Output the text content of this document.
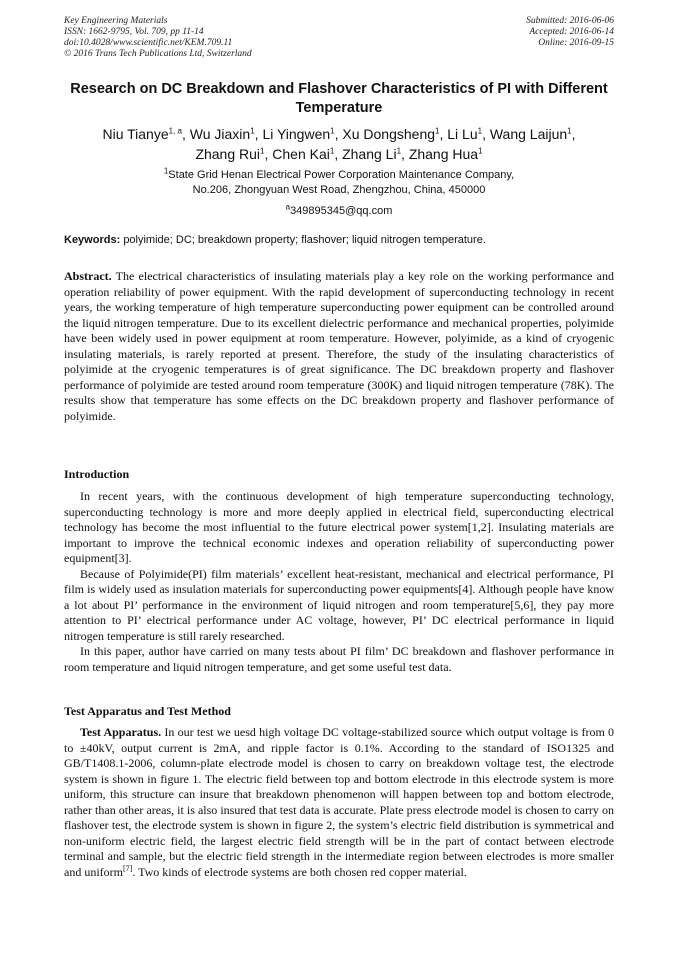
Key Engineering Materials
ISSN: 1662-9795, Vol. 709, pp 11-14
doi:10.4028/www.scientific.net/KEM.709.11
© 2016 Trans Tech Publications Ltd, Switzerland
Submitted: 2016-06-06
Accepted: 2016-06-14
Online: 2016-09-15
Research on DC Breakdown and Flashover Characteristics of PI with Different Temperature
Niu Tianye$^{1, a}$, Wu Jiaxin$^1$, Li Yingwen$^1$, Xu Dongsheng$^1$, Li Lu$^1$, Wang Laijun$^1$,
Zhang Rui$^1$, Chen Kai$^1$, Zhang Li$^1$, Zhang Hua$^1$
$^1$State Grid Henan Electrical Power Corporation Maintenance Company,
No.206, Zhongyuan West Road, Zhengzhou, China, 450000
$^a$349895345@qq.com
Keywords: polyimide; DC; breakdown property; flashover; liquid nitrogen temperature.

Abstract. The electrical characteristics of insulating materials play a key role on the working performance and operation reliability of power equipment. With the rapid development of superconducting technology in recent years, the working temperature of high temperature superconducting power equipment can be controlled around the liquid nitrogen temperature. Due to its excellent dielectric performance and mechanical properties, polyimide have been widely used in power equipment at room temperature. However, polyimide, as a kind of cryogenic insulating materials, is rarely reported at present. Therefore, the study of the insulating characteristics of polyimide at the cryogenic temperatures is of great significance. The DC breakdown property and flashover performance of polyimide are tested around room temperature (300K) and liquid nitrogen temperature (78K). The results show that temperature has some effects on the DC breakdown property and flashover performance of polyimide.

Introduction

In recent years, with the continuous development of high temperature superconducting technology, superconducting technology is more and more deeply applied in electrical field, superconducting electrical technology has become the most influential to the future electrical power system[1,2]. Insulating materials are important to improve the technical economic indexes and operation reliability of superconducting power equipment[3].

Because of Polyimide(PI) film materials’ excellent heat-resistant, mechanical and electrical performance, PI film is widely used as insulation materials for superconducting power equipments[4]. Although people have know a lot about PI’ performance in the environment of liquid nitrogen and room temperature[5,6], they pay more attention to PI’ electrical performance under AC voltage, however, PI’ DC electrical performance in liquid nitrogen temperature is still rarely researched.

In this paper, author have carried on many tests about PI film’ DC breakdown and flashover performance in room temperature and liquid nitrogen temperature, and get some useful test data.

Test Apparatus and Test Method

Test Apparatus. In our test we uesd high voltage DC voltage-stabilized source which output voltage is from 0 to ±40kV, output current is 2mA, and ripple factor is 0.1%. According to the standard of ISO1325 and GB/T1408.1-2006, column-plate electrode model is chosen to carry on breakdown voltage test, the electrode system is shown in figure 1. The electric field between top and bottom electrode in this electrode system is more uniform, this structure can insure that breakdown phenomenon will happen between top and bottom electrode, rather than other areas, it is also insured that test data is accurate. Plate press electrode model is chosen to carry on flashover test, the electrode system is shown in figure 2, the system’s electric field distribution is symmetrical and non-uniform electric field, the largest electric field strength will be in the part of contact between electrode terminal and sample, but the electric field strength in the intermediate region between electrodes is more smaller and uniform[7]. Two kinds of electrode systems are both chosen red copper material.
